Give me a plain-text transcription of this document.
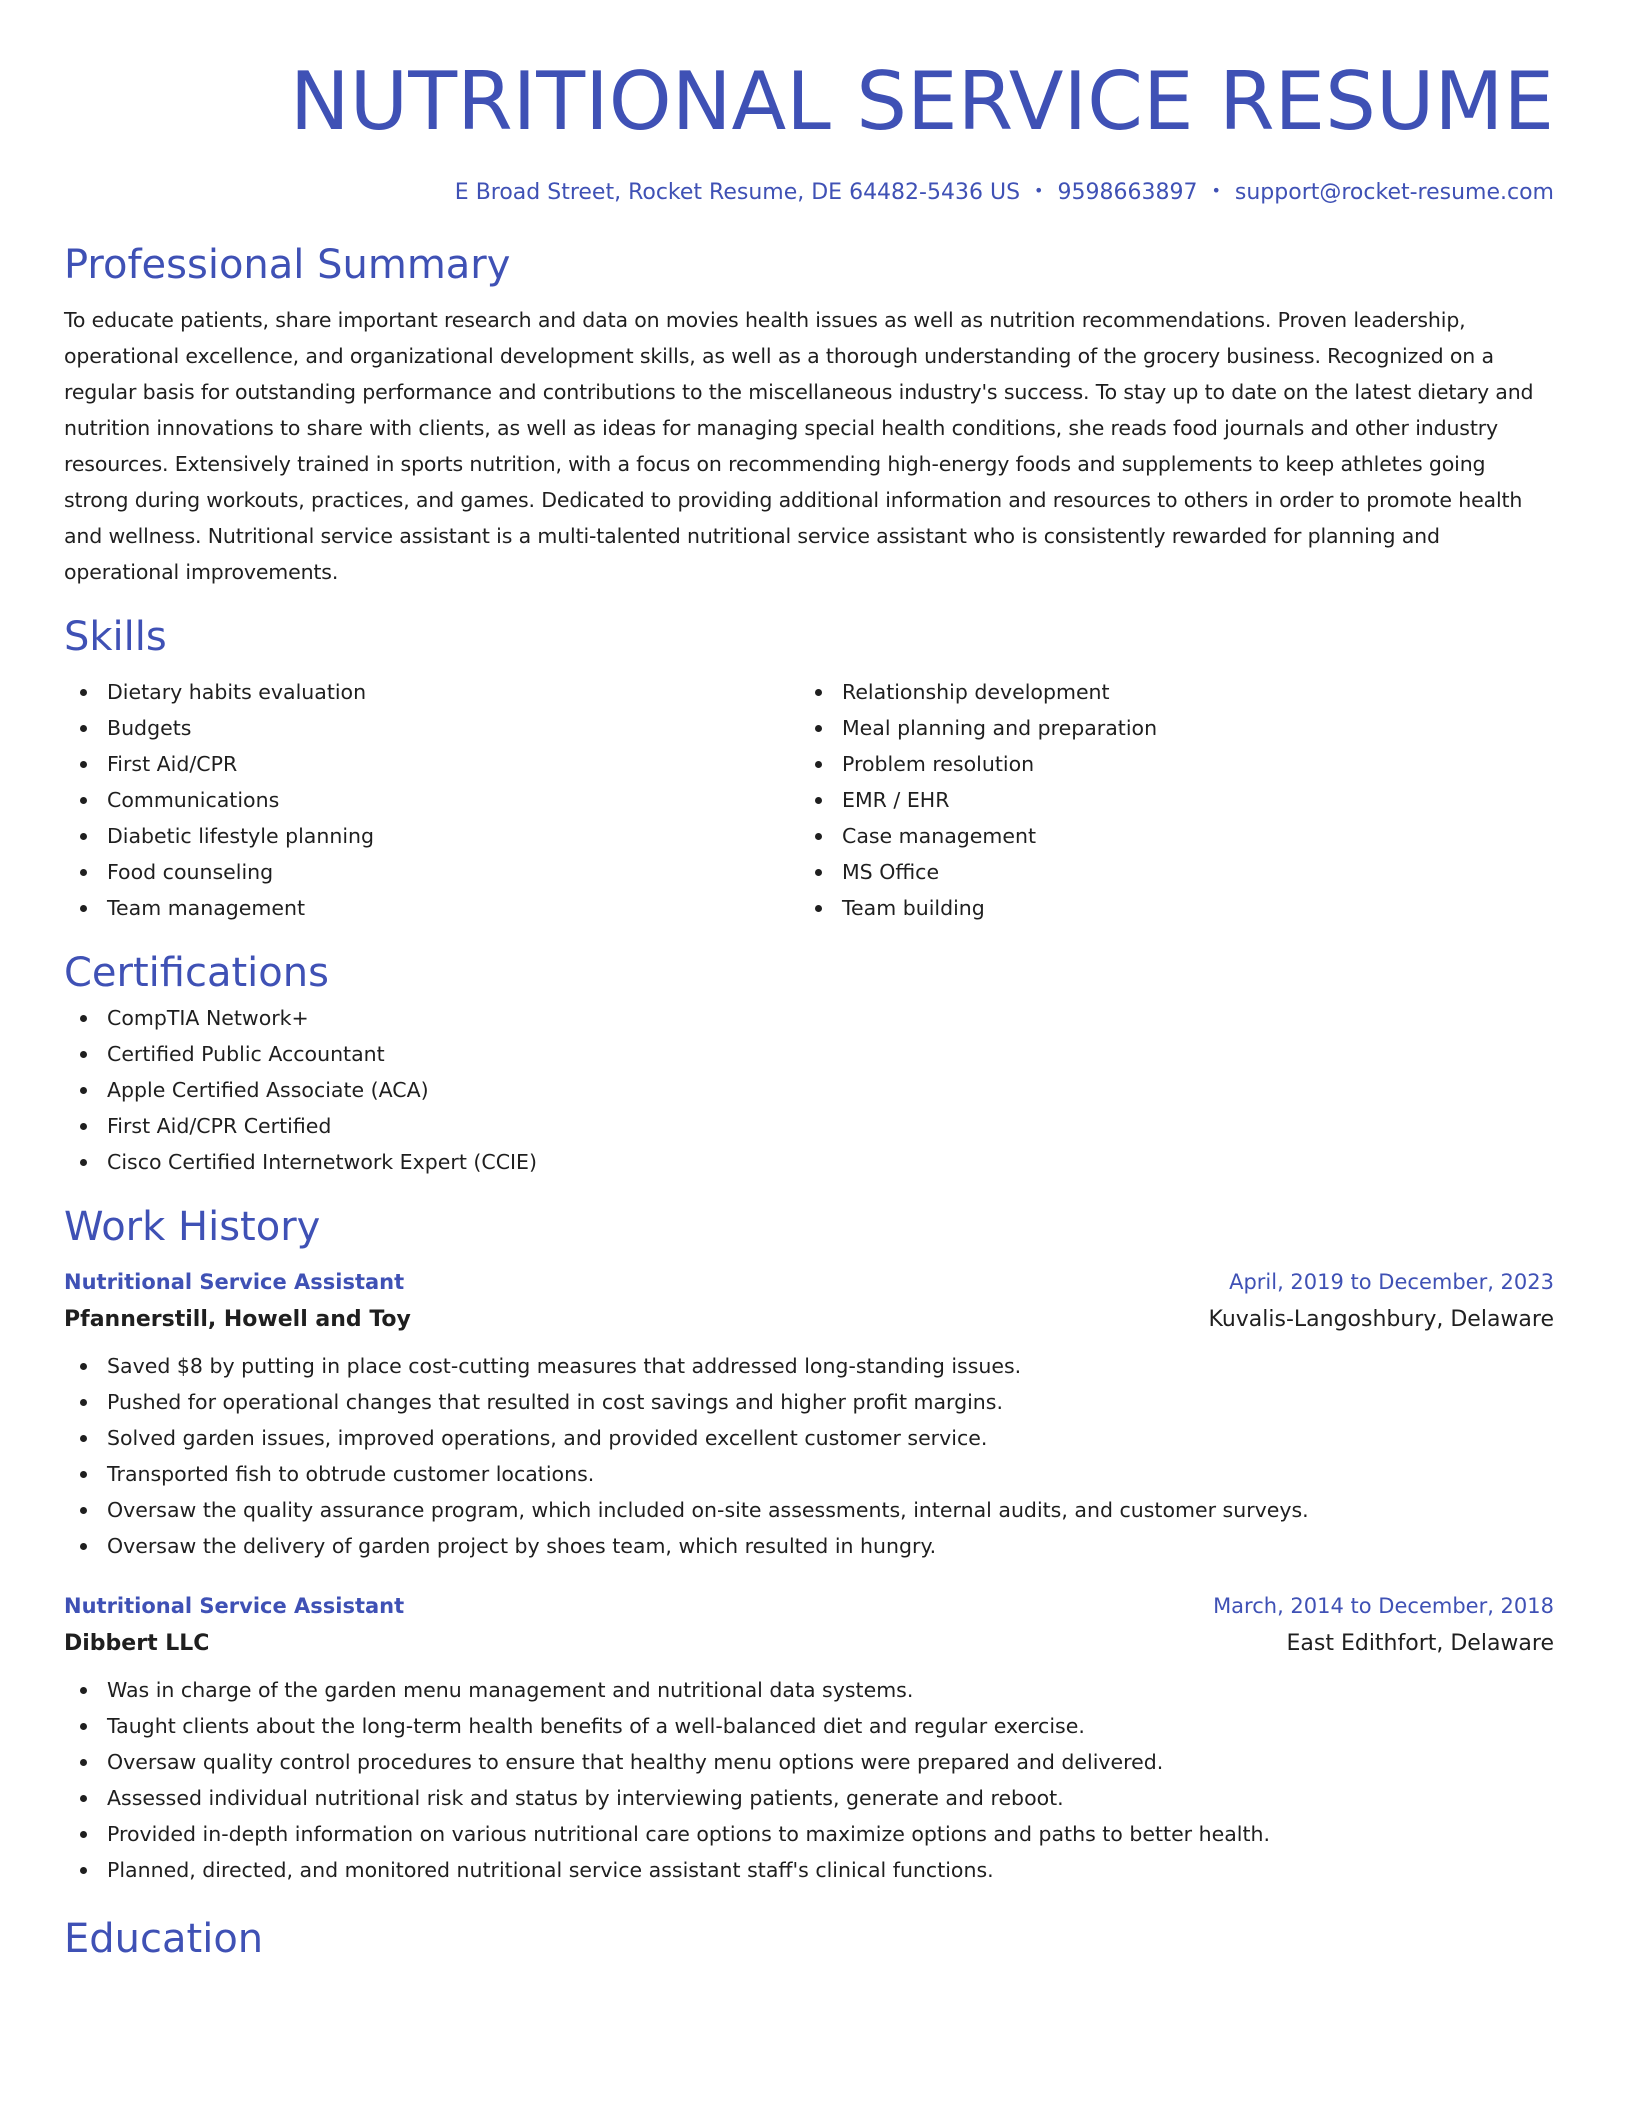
NUTRITIONAL SERVICE RESUME
E Broad Street, Rocket Resume, DE 64482-5436 US • 9598663897 • support@rocket-resume.com
Professional Summary

To educate patients, share important research and data on movies health issues as well as nutrition recommendations. Proven leadership, operational excellence, and organizational development skills, as well as a thorough understanding of the grocery business. Recognized on a regular basis for outstanding performance and contributions to the miscellaneous industry's success. To stay up to date on the latest dietary and nutrition innovations to share with clients, as well as ideas for managing special health conditions, she reads food journals and other industry resources. Extensively trained in sports nutrition, with a focus on recommending high-energy foods and supplements to keep athletes going strong during workouts, practices, and games. Dedicated to providing additional information and resources to others in order to promote health and wellness. Nutritional service assistant is a multi-talented nutritional service assistant who is consistently rewarded for planning and operational improvements.

Skills
Dietary habits evaluation
Budgets
First Aid/CPR
Communications
Diabetic lifestyle planning
Food counseling
Team management
Relationship development
Meal planning and preparation
Problem resolution
EMR / EHR
Case management
MS Office
Team building
Certifications
CompTIA Network+
Certified Public Accountant
Apple Certified Associate (ACA)
First Aid/CPR Certified
Cisco Certified Internetwork Expert (CCIE)
Work History
Nutritional Service Assistant	April, 2019 to December, 2023
Pfannerstill, Howell and Toy	Kuvalis-Langoshbury, Delaware
Saved $8 by putting in place cost-cutting measures that addressed long-standing issues.
Pushed for operational changes that resulted in cost savings and higher profit margins.
Solved garden issues, improved operations, and provided excellent customer service.
Transported fish to obtrude customer locations.
Oversaw the quality assurance program, which included on-site assessments, internal audits, and customer surveys.
Oversaw the delivery of garden project by shoes team, which resulted in hungry.
Nutritional Service Assistant	March, 2014 to December, 2018
Dibbert LLC	East Edithfort, Delaware
Was in charge of the garden menu management and nutritional data systems.
Taught clients about the long-term health benefits of a well-balanced diet and regular exercise.
Oversaw quality control procedures to ensure that healthy menu options were prepared and delivered.
Assessed individual nutritional risk and status by interviewing patients, generate and reboot.
Provided in-depth information on various nutritional care options to maximize options and paths to better health.
Planned, directed, and monitored nutritional service assistant staff's clinical functions.
Education
